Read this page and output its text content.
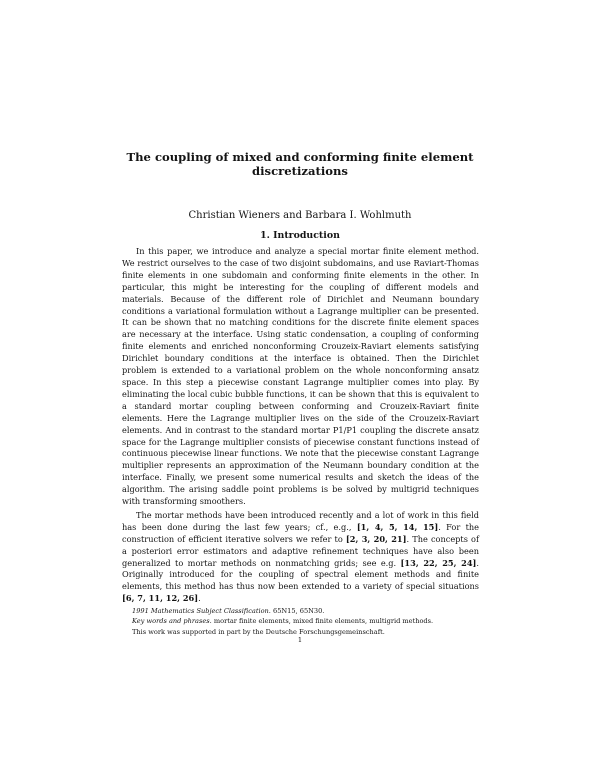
The coupling of mixed and conforming finite element
discretizations
Christian Wieners and Barbara I. Wohlmuth
1. Introduction

In this paper, we introduce and analyze a special mortar finite element method. We restrict ourselves to the case of two disjoint subdomains, and use Raviart-Thomas finite elements in one subdomain and conforming finite elements in the other. In particular, this might be interesting for the coupling of different models and materials. Because of the different role of Dirichlet and Neumann boundary conditions a variational formulation without a Lagrange multiplier can be presented. It can be shown that no matching conditions for the discrete finite element spaces are necessary at the interface. Using static condensation, a coupling of conforming finite elements and enriched nonconforming Crouzeix-Raviart elements satisfying Dirichlet boundary conditions at the interface is obtained. Then the Dirichlet problem is extended to a variational problem on the whole nonconforming ansatz space. In this step a piecewise constant Lagrange multiplier comes into play. By eliminating the local cubic bubble functions, it can be shown that this is equivalent to a standard mortar coupling between conforming and Crouzeix-Raviart finite elements. Here the Lagrange multiplier lives on the side of the Crouzeix-Raviart elements. And in contrast to the standard mortar P1/P1 coupling the discrete ansatz space for the Lagrange multiplier consists of piecewise constant functions instead of continuous piecewise linear functions. We note that the piecewise constant Lagrange multiplier represents an approximation of the Neumann boundary condition at the interface. Finally, we present some numerical results and sketch the ideas of the algorithm. The arising saddle point problems is be solved by multigrid techniques with transforming smoothers.

The mortar methods have been introduced recently and a lot of work in this field has been done during the last few years; cf., e.g., [1, 4, 5, 14, 15]. For the construction of efficient iterative solvers we refer to [2, 3, 20, 21]. The concepts of a posteriori error estimators and adaptive refinement techniques have also been generalized to mortar methods on nonmatching grids; see e.g. [13, 22, 25, 24]. Originally introduced for the coupling of spectral element methods and finite elements, this method has thus now been extended to a variety of special situations [6, 7, 11, 12, 26].

1991 Mathematics Subject Classification. 65N15, 65N30.
Key words and phrases. mortar finite elements, mixed finite elements, multigrid methods.
This work was supported in part by the Deutsche Forschungsgemeinschaft.
1
